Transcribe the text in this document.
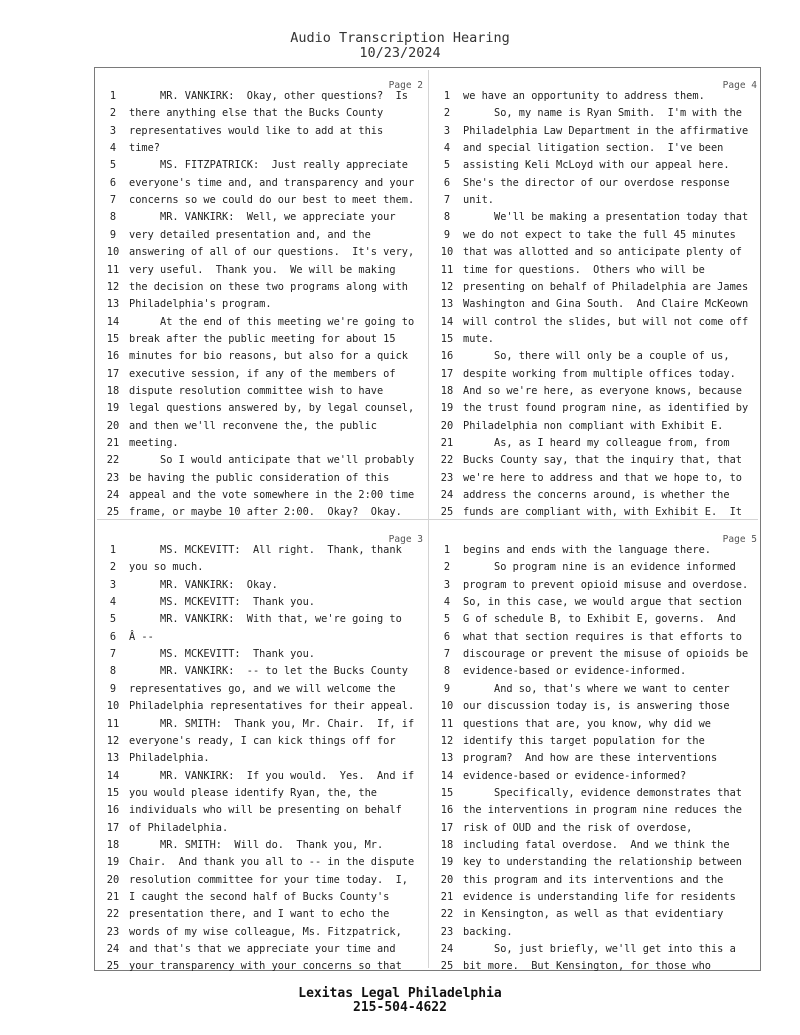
Audio Transcription Hearing
10/23/2024
Page 2
1     MR. VANKIRK:  Okay, other questions?  Is
2 there anything else that the Bucks County
3 representatives would like to add at this
4 time?
5     MS. FITZPATRICK:  Just really appreciate
6 everyone's time and, and transparency and your
7 concerns so we could do our best to meet them.
8     MR. VANKIRK:  Well, we appreciate your
9 very detailed presentation and, and the
10 answering of all of our questions.  It's very,
11 very useful.  Thank you.  We will be making
12 the decision on these two programs along with
13 Philadelphia's program.
14     At the end of this meeting we're going to
15 break after the public meeting for about 15
16 minutes for bio reasons, but also for a quick
17 executive session, if any of the members of
18 dispute resolution committee wish to have
19 legal questions answered by, by legal counsel,
20 and then we'll reconvene the, the public
21 meeting.
22     So I would anticipate that we'll probably
23 be having the public consideration of this
24 appeal and the vote somewhere in the 2:00 time
25 frame, or maybe 10 after 2:00.  Okay?  Okay.
Page 4
1 we have an opportunity to address them.
2     So, my name is Ryan Smith.  I'm with the
3 Philadelphia Law Department in the affirmative
4 and special litigation section.  I've been
5 assisting Keli McLoyd with our appeal here.
6 She's the director of our overdose response
7 unit.
8     We'll be making a presentation today that
9 we do not expect to take the full 45 minutes
10 that was allotted and so anticipate plenty of
11 time for questions.  Others who will be
12 presenting on behalf of Philadelphia are James
13 Washington and Gina South.  And Claire McKeown
14 will control the slides, but will not come off
15 mute.
16     So, there will only be a couple of us,
17 despite working from multiple offices today.
18 And so we're here, as everyone knows, because
19 the trust found program nine, as identified by
20 Philadelphia non compliant with Exhibit E.
21     As, as I heard my colleague from, from
22 Bucks County say, that the inquiry that, that
23 we're here to address and that we hope to, to
24 address the concerns around, is whether the
25 funds are compliant with, with Exhibit E.  It
Page 3
1     MS. MCKEVITT:  All right.  Thank, thank
2 you so much.
3     MR. VANKIRK:  Okay.
4     MS. MCKEVITT:  Thank you.
5     MR. VANKIRK:  With that, we're going to
6 Â --
7     MS. MCKEVITT:  Thank you.
8     MR. VANKIRK:  -- to let the Bucks County
9 representatives go, and we will welcome the
10 Philadelphia representatives for their appeal.
11     MR. SMITH:  Thank you, Mr. Chair.  If, if
12 everyone's ready, I can kick things off for
13 Philadelphia.
14     MR. VANKIRK:  If you would.  Yes.  And if
15 you would please identify Ryan, the, the
16 individuals who will be presenting on behalf
17 of Philadelphia.
18     MR. SMITH:  Will do.  Thank you, Mr.
19 Chair.  And thank you all to -- in the dispute
20 resolution committee for your time today.  I,
21 I caught the second half of Bucks County's
22 presentation there, and I want to echo the
23 words of my wise colleague, Ms. Fitzpatrick,
24 and that's that we appreciate your time and
25 your transparency with your concerns so that
Page 5
1 begins and ends with the language there.
2     So program nine is an evidence informed
3 program to prevent opioid misuse and overdose.
4 So, in this case, we would argue that section
5 G of schedule B, to Exhibit E, governs.  And
6 what that section requires is that efforts to
7 discourage or prevent the misuse of opioids be
8 evidence-based or evidence-informed.
9     And so, that's where we want to center
10 our discussion today is, is answering those
11 questions that are, you know, why did we
12 identify this target population for the
13 program?  And how are these interventions
14 evidence-based or evidence-informed?
15     Specifically, evidence demonstrates that
16 the interventions in program nine reduces the
17 risk of OUD and the risk of overdose,
18 including fatal overdose.  And we think the
19 key to understanding the relationship between
20 this program and its interventions and the
21 evidence is understanding life for residents
22 in Kensington, as well as that evidentiary
23 backing.
24     So, just briefly, we'll get into this a
25 bit more.  But Kensington, for those who
Lexitas Legal Philadelphia
215-504-4622
